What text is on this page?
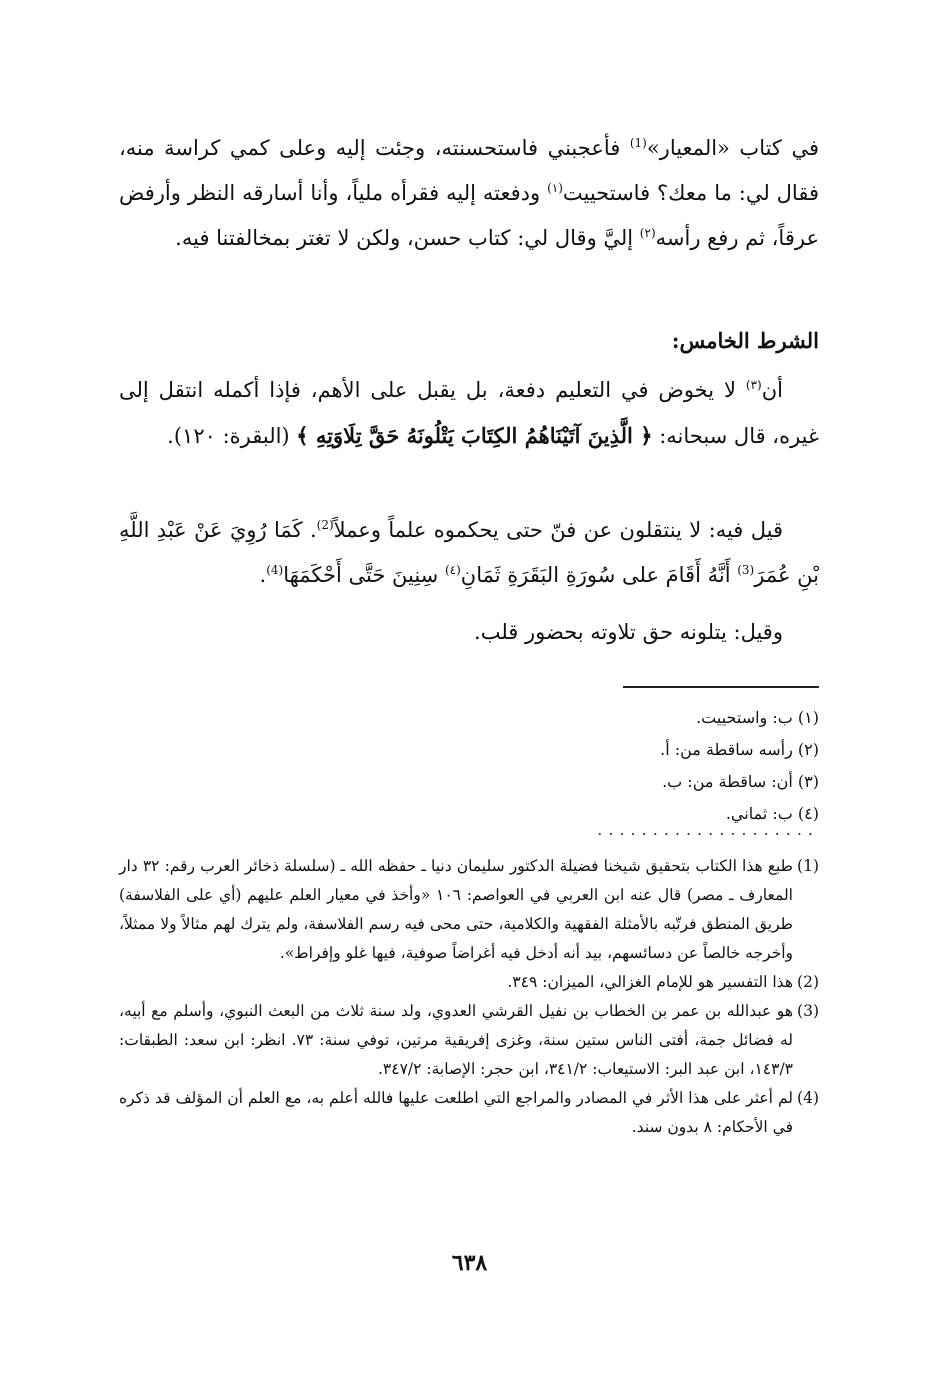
في كتاب «المعيار»$^{(1)}$ فأعجبني فاستحسنته، وجئت إليه وعلى كمي كراسة منه، فقال لي: ما معك؟ فاستحييت$^{(١)}$ ودفعته إليه فقرأه ملياً، وأنا أسارقه النظر وأرفض عرقاً، ثم رفع رأسه$^{(٢)}$ إليَّ وقال لي: كتاب حسن، ولكن لا تغتر بمخالفتنا فيه.

الشرط الخامس:

أن$^{(٣)}$ لا يخوض في التعليم دفعة، بل يقبل على الأهم، فإذا أكمله انتقل إلى غيره، قال سبحانه: ﴿ الَّذِينَ آتَيْنَاهُمُ الكِتَابَ يَتْلُونَهُ حَقَّ تِلَاوَتِهِ ﴾ (البقرة: ١٢٠).

قيل فيه: لا ينتقلون عن فنّ حتى يحكموه علماً وعملاً$^{(2)}$. كَمَا رُوِيَ عَنْ عَبْدِ اللَّهِ بْنِ عُمَرَ$^{(3)}$ أَنَّهُ أَقَامَ على سُورَةِ البَقَرَةِ ثَمَانِ$^{(٤)}$ سِنِينَ حَتَّى أَحْكَمَهَا$^{(4)}$.

وقيل: يتلونه حق تلاوته بحضور قلب.

(١) ب: واستحييت.
(٢) رأسه ساقطة من: أ.
(٣) أن: ساقطة من: ب.
(٤) ب: ثماني.
....................

(1)
طبع هذا الكتاب بتحقيق شيخنا فضيلة الدكتور سليمان دنيا ـ حفظه الله ـ (سلسلة ذخائر العرب رقم: ٣٢ دار المعارف ـ مصر) قال عنه ابن العربي في العواصم: ١٠٦ «وأخذ في معيار العلم عليهم (أي على الفلاسفة) طريق المنطق فرتّبه بالأمثلة الفقهية والكلامية، حتى محى فيه رسم الفلاسفة، ولم يترك لهم مثالاً ولا ممثلاً، وأخرجه خالصاً عن دسائسهم، بيد أنه أدخل فيه أغراضاً صوفية، فيها غلو وإفراط».

(2)
هذا التفسير هو للإمام الغزالي، الميزان: ٣٤٩.

(3)
هو عبدالله بن عمر بن الخطاب بن نفيل القرشي العدوي، ولد سنة ثلاث من البعث النبوي، وأسلم مع أبيه، له فضائل جمة، أفتى الناس ستين سنة، وغزى إفريقية مرتين، توفي سنة: ٧٣. انظر: ابن سعد: الطبقات: ١٤٣/٣، ابن عبد البر: الاستيعاب: ٣٤١/٢، ابن حجر: الإصابة: ٣٤٧/٢.

(4)
لم أعثر على هذا الأثر في المصادر والمراجع التي اطلعت عليها فالله أعلم به، مع العلم أن المؤلف قد ذكره في الأحكام: ٨ بدون سند.

٦٣٨
